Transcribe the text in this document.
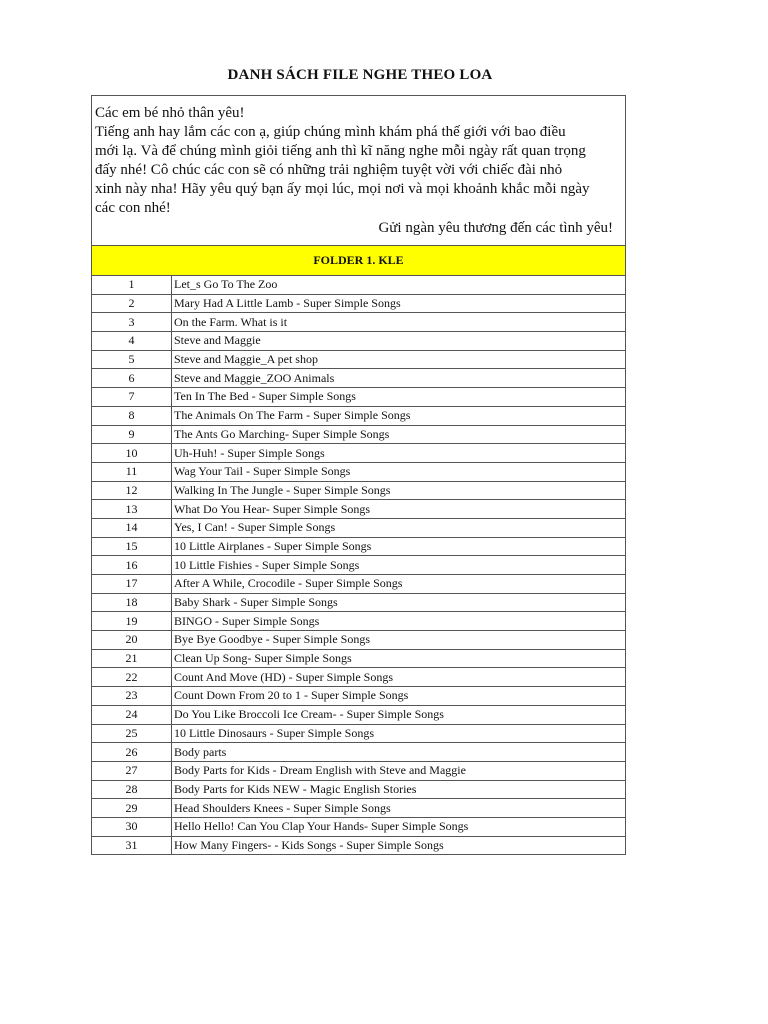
DANH SÁCH FILE NGHE THEO LOA
Các em bé nhỏ thân yêu!
Tiếng anh hay lắm các con ạ, giúp chúng mình khám phá thế giới với bao điều
mới lạ. Và để chúng mình giỏi tiếng anh thì kĩ năng nghe mỗi ngày rất quan trọng
đấy nhé! Cô chúc các con sẽ có những trải nghiệm tuyệt vời với chiếc đài nhỏ
xinh này nha! Hãy yêu quý bạn ấy mọi lúc, mọi nơi và mọi khoảnh khắc mỗi ngày
các con nhé!
Gửi ngàn yêu thương đến các tình yêu!
FOLDER 1. KLE
1	Let_s Go To The Zoo
2	Mary Had A Little Lamb - Super Simple Songs
3	On the Farm. What is it
4	Steve and Maggie
5	Steve and Maggie_A pet shop
6	Steve and Maggie_ZOO Animals
7	Ten In The Bed - Super Simple Songs
8	The Animals On The Farm - Super Simple Songs
9	The Ants Go Marching- Super Simple Songs
10	Uh-Huh! - Super Simple Songs
11	Wag Your Tail - Super Simple Songs
12	Walking In The Jungle - Super Simple Songs
13	What Do You Hear- Super Simple Songs
14	Yes, I Can! - Super Simple Songs
15	10 Little Airplanes - Super Simple Songs
16	10 Little Fishies - Super Simple Songs
17	After A While, Crocodile - Super Simple Songs
18	Baby Shark - Super Simple Songs
19	BINGO - Super Simple Songs
20	Bye Bye Goodbye - Super Simple Songs
21	Clean Up Song- Super Simple Songs
22	Count And Move (HD) - Super Simple Songs
23	Count Down From 20 to 1 - Super Simple Songs
24	Do You Like Broccoli Ice Cream- - Super Simple Songs
25	10 Little Dinosaurs - Super Simple Songs
26	Body parts
27	Body Parts for Kids - Dream English with Steve and Maggie
28	Body Parts for Kids NEW - Magic English Stories
29	Head Shoulders Knees - Super Simple Songs
30	Hello Hello! Can You Clap Your Hands- Super Simple Songs
31	How Many Fingers- - Kids Songs - Super Simple Songs
